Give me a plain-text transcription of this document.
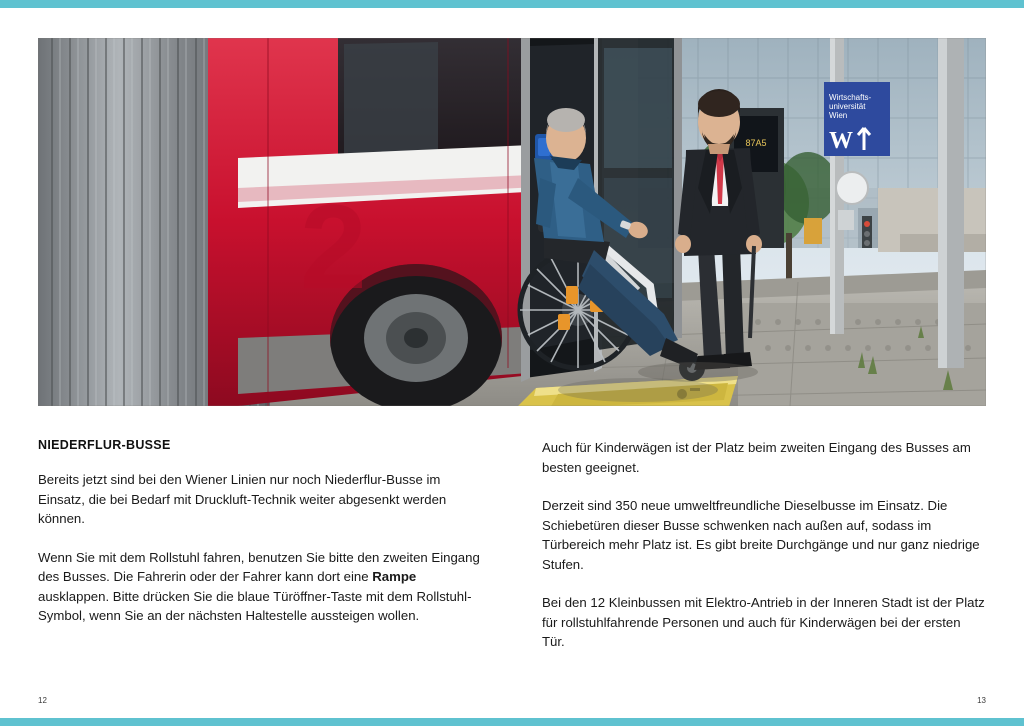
Wirtschafts-
universität
Wien
W
87A5
2
NIEDERFLUR-BUSSE

Bereits jetzt sind bei den Wiener Linien nur noch Niederflur-Busse im Einsatz, die bei Bedarf mit Druckluft-Technik weiter abgesenkt werden können.

Wenn Sie mit dem Rollstuhl fahren, benutzen Sie bitte den zweiten Eingang des Busses. Die Fahrerin oder der Fahrer kann dort eine Rampe ausklappen. Bitte drücken Sie die blaue Türöffner-Taste mit dem Rollstuhl-Symbol, wenn Sie an der nächsten Haltestelle aussteigen wollen.

Auch für Kinderwägen ist der Platz beim zweiten Eingang des Busses am besten geeignet.

Derzeit sind 350 neue umweltfreundliche Dieselbusse im Einsatz. Die Schiebetüren dieser Busse schwenken nach außen auf, sodass im Türbereich mehr Platz ist. Es gibt breite Durchgänge und nur ganz niedrige Stufen.

Bei den 12 Kleinbussen mit Elektro-Antrieb in der Inneren Stadt ist der Platz für rollstuhlfahrende Personen und auch für Kinderwägen bei der ersten Tür.

12	13
